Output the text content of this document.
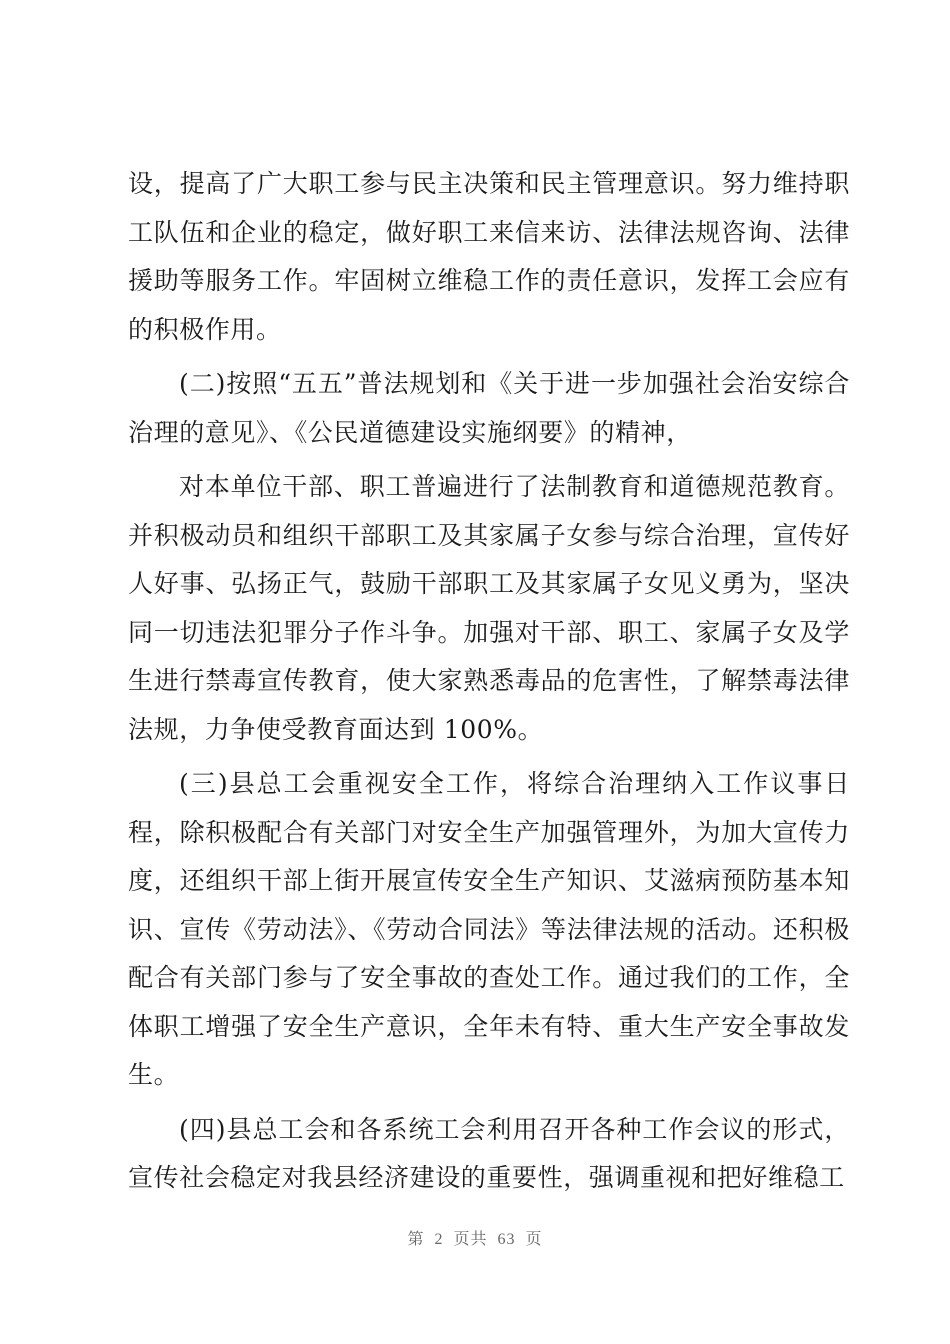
设，提高了广大职工参与民主决策和民主管理意识。努力维持职工队伍和企业的稳定，做好职工来信来访、法律法规咨询、法律援助等服务工作。牢固树立维稳工作的责任意识，发挥工会应有的积极作用。

(二)按照“五五”普法规划和《关于进一步加强社会治安综合治理的意见》、《公民道德建设实施纲要》的精神，

对本单位干部、职工普遍进行了法制教育和道德规范教育。并积极动员和组织干部职工及其家属子女参与综合治理，宣传好人好事、弘扬正气，鼓励干部职工及其家属子女见义勇为，坚决同一切违法犯罪分子作斗争。加强对干部、职工、家属子女及学生进行禁毒宣传教育，使大家熟悉毒品的危害性，了解禁毒法律法规，力争使受教育面达到 100%。

(三)县总工会重视安全工作，将综合治理纳入工作议事日程，除积极配合有关部门对安全生产加强管理外，为加大宣传力度，还组织干部上街开展宣传安全生产知识、艾滋病预防基本知识、宣传《劳动法》、《劳动合同法》等法律法规的活动。还积极配合有关部门参与了安全事故的查处工作。通过我们的工作，全体职工增强了安全生产意识，全年未有特、重大生产安全事故发生。

(四)县总工会和各系统工会利用召开各种工作会议的形式，宣传社会稳定对我县经济建设的重要性，强调重视和把好维稳工

第  2  页共  63  页
